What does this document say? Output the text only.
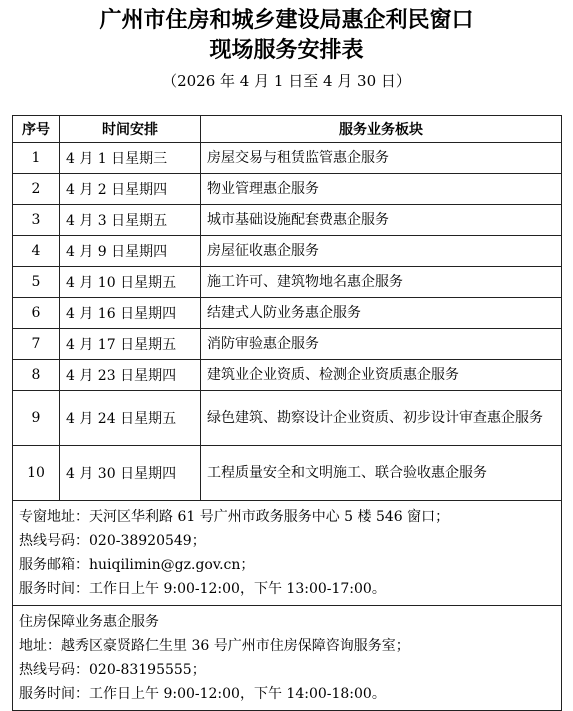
广州市住房和城乡建设局惠企利民窗口
现场服务安排表
（2026 年 4 月 1 日至 4 月 30 日）
序号	时间安排	服务业务板块
1	4 月 1 日星期三	房屋交易与租赁监管惠企服务
2	4 月 2 日星期四	物业管理惠企服务
3	4 月 3 日星期五	城市基础设施配套费惠企服务
4	4 月 9 日星期四	房屋征收惠企服务
5	4 月 10 日星期五	施工许可、建筑物地名惠企服务
6	4 月 16 日星期四	结建式人防业务惠企服务
7	4 月 17 日星期五	消防审验惠企服务
8	4 月 23 日星期四	建筑业企业资质、检测企业资质惠企服务
9	4 月 24 日星期五	绿色建筑、勘察设计企业资质、初步设计审查惠企服务
10	4 月 30 日星期四	工程质量安全和文明施工、联合验收惠企服务

专窗地址：天河区华利路 61 号广州市政务服务中心 5 楼 546 窗口；
热线号码：020-38920549；
服务邮箱：huiqilimin@gz.gov.cn；
服务时间：工作日上午 9:00-12:00，下午 13:00-17:00。		

住房保障业务惠企服务
地址：越秀区豪贤路仁生里 36 号广州市住房保障咨询服务室；
热线号码：020-83195555；
服务时间：工作日上午 9:00-12:00，下午 14:00-18:00。		
